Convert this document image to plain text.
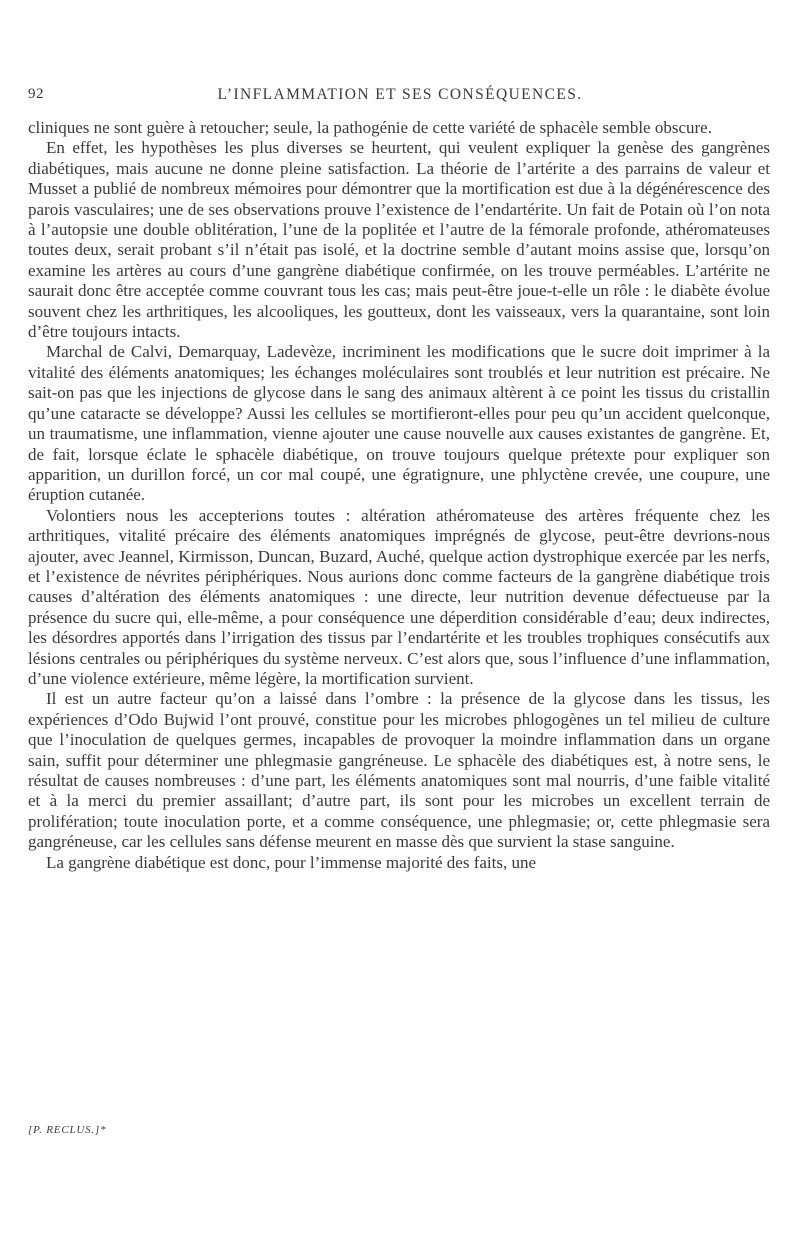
92	L’INFLAMMATION ET SES CONSÉQUENCES.

cliniques ne sont guère à retoucher; seule, la pathogénie de cette variété de sphacèle semble obscure.

En effet, les hypothèses les plus diverses se heurtent, qui veulent expliquer la genèse des gangrènes diabétiques, mais aucune ne donne pleine satisfaction. La théorie de l’artérite a des parrains de valeur et Musset a publié de nombreux mémoires pour démontrer que la mortification est due à la dégénérescence des parois vasculaires; une de ses observations prouve l’existence de l’endartérite. Un fait de Potain où l’on nota à l’autopsie une double oblitération, l’une de la poplitée et l’autre de la fémorale profonde, athéromateuses toutes deux, serait probant s’il n’était pas isolé, et la doctrine semble d’autant moins assise que, lorsqu’on examine les artères au cours d’une gangrène diabétique confirmée, on les trouve perméables. L’artérite ne saurait donc être acceptée comme couvrant tous les cas; mais peut-être joue-t-elle un rôle : le diabète évolue souvent chez les arthritiques, les alcooliques, les goutteux, dont les vaisseaux, vers la quarantaine, sont loin d’être toujours intacts.

Marchal de Calvi, Demarquay, Ladevèze, incriminent les modifications que le sucre doit imprimer à la vitalité des éléments anatomiques; les échanges moléculaires sont troublés et leur nutrition est précaire. Ne sait-on pas que les injections de glycose dans le sang des animaux altèrent à ce point les tissus du cristallin qu’une cataracte se développe? Aussi les cellules se mortifieront-elles pour peu qu’un accident quelconque, un traumatisme, une inflammation, vienne ajouter une cause nouvelle aux causes existantes de gangrène. Et, de fait, lorsque éclate le sphacèle diabétique, on trouve toujours quelque prétexte pour expliquer son apparition, un durillon forcé, un cor mal coupé, une égratignure, une phlyctène crevée, une coupure, une éruption cutanée.

Volontiers nous les accepterions toutes : altération athéromateuse des artères fréquente chez les arthritiques, vitalité précaire des éléments anatomiques imprégnés de glycose, peut-être devrions-nous ajouter, avec Jeannel, Kirmisson, Duncan, Buzard, Auché, quelque action dystrophique exercée par les nerfs, et l’existence de névrites périphériques. Nous aurions donc comme facteurs de la gangrène diabétique trois causes d’altération des éléments anatomiques : une directe, leur nutrition devenue défectueuse par la présence du sucre qui, elle-même, a pour conséquence une déperdition considérable d’eau; deux indirectes, les désordres apportés dans l’irrigation des tissus par l’endartérite et les troubles trophiques consécutifs aux lésions centrales ou périphériques du système nerveux. C’est alors que, sous l’influence d’une inflammation, d’une violence extérieure, même légère, la mortification survient.

Il est un autre facteur qu’on a laissé dans l’ombre : la présence de la glycose dans les tissus, les expériences d’Odo Bujwid l’ont prouvé, constitue pour les microbes phlogogènes un tel milieu de culture que l’inoculation de quelques germes, incapables de provoquer la moindre inflammation dans un organe sain, suffit pour déterminer une phlegmasie gangréneuse. Le sphacèle des diabétiques est, à notre sens, le résultat de causes nombreuses : d’une part, les éléments anatomiques sont mal nourris, d’une faible vitalité et à la merci du premier assaillant; d’autre part, ils sont pour les microbes un excellent terrain de prolifération; toute inoculation porte, et a comme conséquence, une phlegmasie; or, cette phlegmasie sera gangréneuse, car les cellules sans défense meurent en masse dès que survient la stase sanguine.

La gangrène diabétique est donc, pour l’immense majorité des faits, une

[P. RECLUS.]*
